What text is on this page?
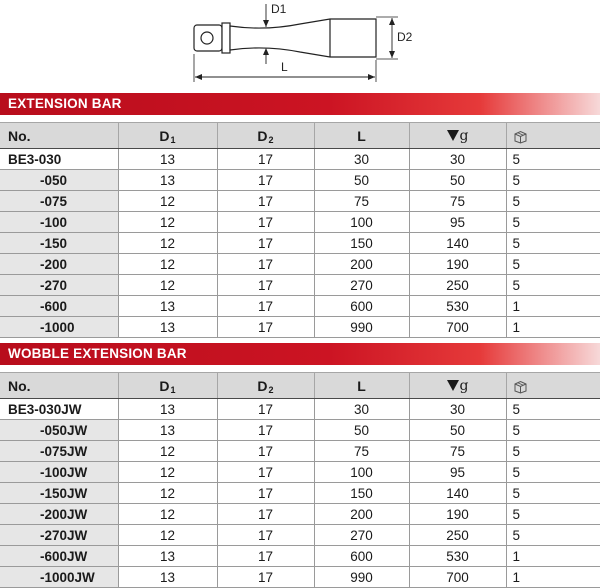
D1
D2
L
EXTENSION BAR
No.	D1	D2	L	g	
BE3-030	13	17	30	30	5
-050	13	17	50	50	5
-075	12	17	75	75	5
-100	12	17	100	95	5
-150	12	17	150	140	5
-200	12	17	200	190	5
-270	12	17	270	250	5
-600	13	17	600	530	1
-1000	13	17	990	700	1
WOBBLE EXTENSION BAR
No.	D1	D2	L	g	
BE3-030JW	13	17	30	30	5
-050JW	13	17	50	50	5
-075JW	12	17	75	75	5
-100JW	12	17	100	95	5
-150JW	12	17	150	140	5
-200JW	12	17	200	190	5
-270JW	12	17	270	250	5
-600JW	13	17	600	530	1
-1000JW	13	17	990	700	1
